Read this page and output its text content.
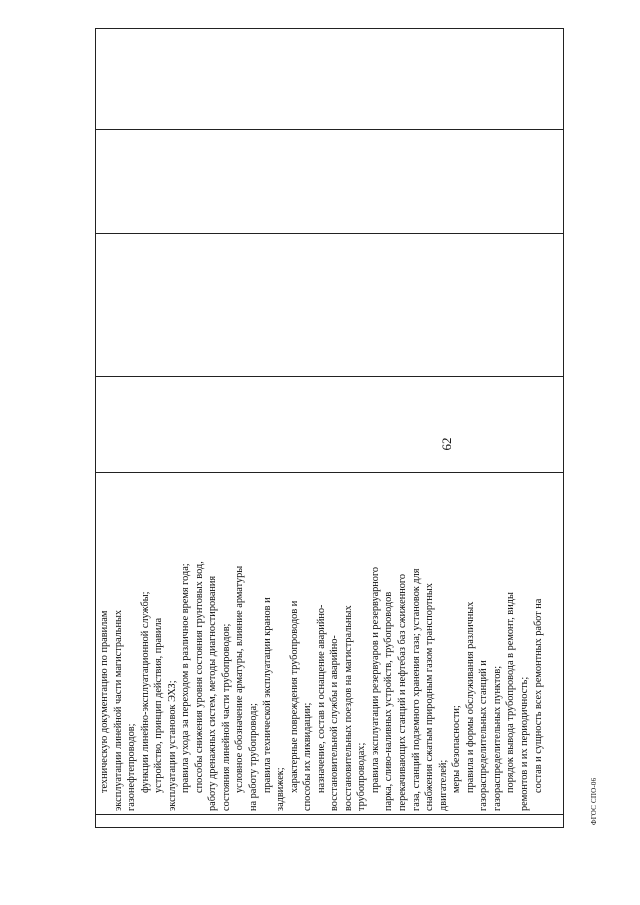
62

техническую документацию по правилам эксплуатации линейной части магистральных газонефтепроводов; функции линейно-эксплуатационной службы; устройство, принцип действия, правила эксплуатации установок ЭХЗ; правила ухода за переходом в различное время года; способы снижения уровня состояния грунтовых вод, работу дренажных систем, методы диагностирования состояния линейной части трубопроводов; условное обозначение арматуры, влияние арматуры на работу трубопровода; правила технической эксплуатации кранов и задвижек; характерные повреждения трубопроводов и способы их ликвидации; назначение, состав и оснащение аварийно- восстановительной службы и аварийно- восстановительных поездов на магистральных трубопроводах; правила эксплуатации резервуаров и резервуарного парка, сливо-наливных устройств, трубопроводов перекачивающих станций и нефтебаз баз сжиженного газа, станций подземного хранения газа; установок для снабжения сжатым природным газом транспортных двигателей; меры безопасности; правила и формы обслуживания различных газораспределительных станций и газораспределительных пунктов; порядок вывода трубопровода в ремонт, виды ремонтов и их периодичность; состав и сущность всех ремонтных работ на

ФГОС СПО-06
